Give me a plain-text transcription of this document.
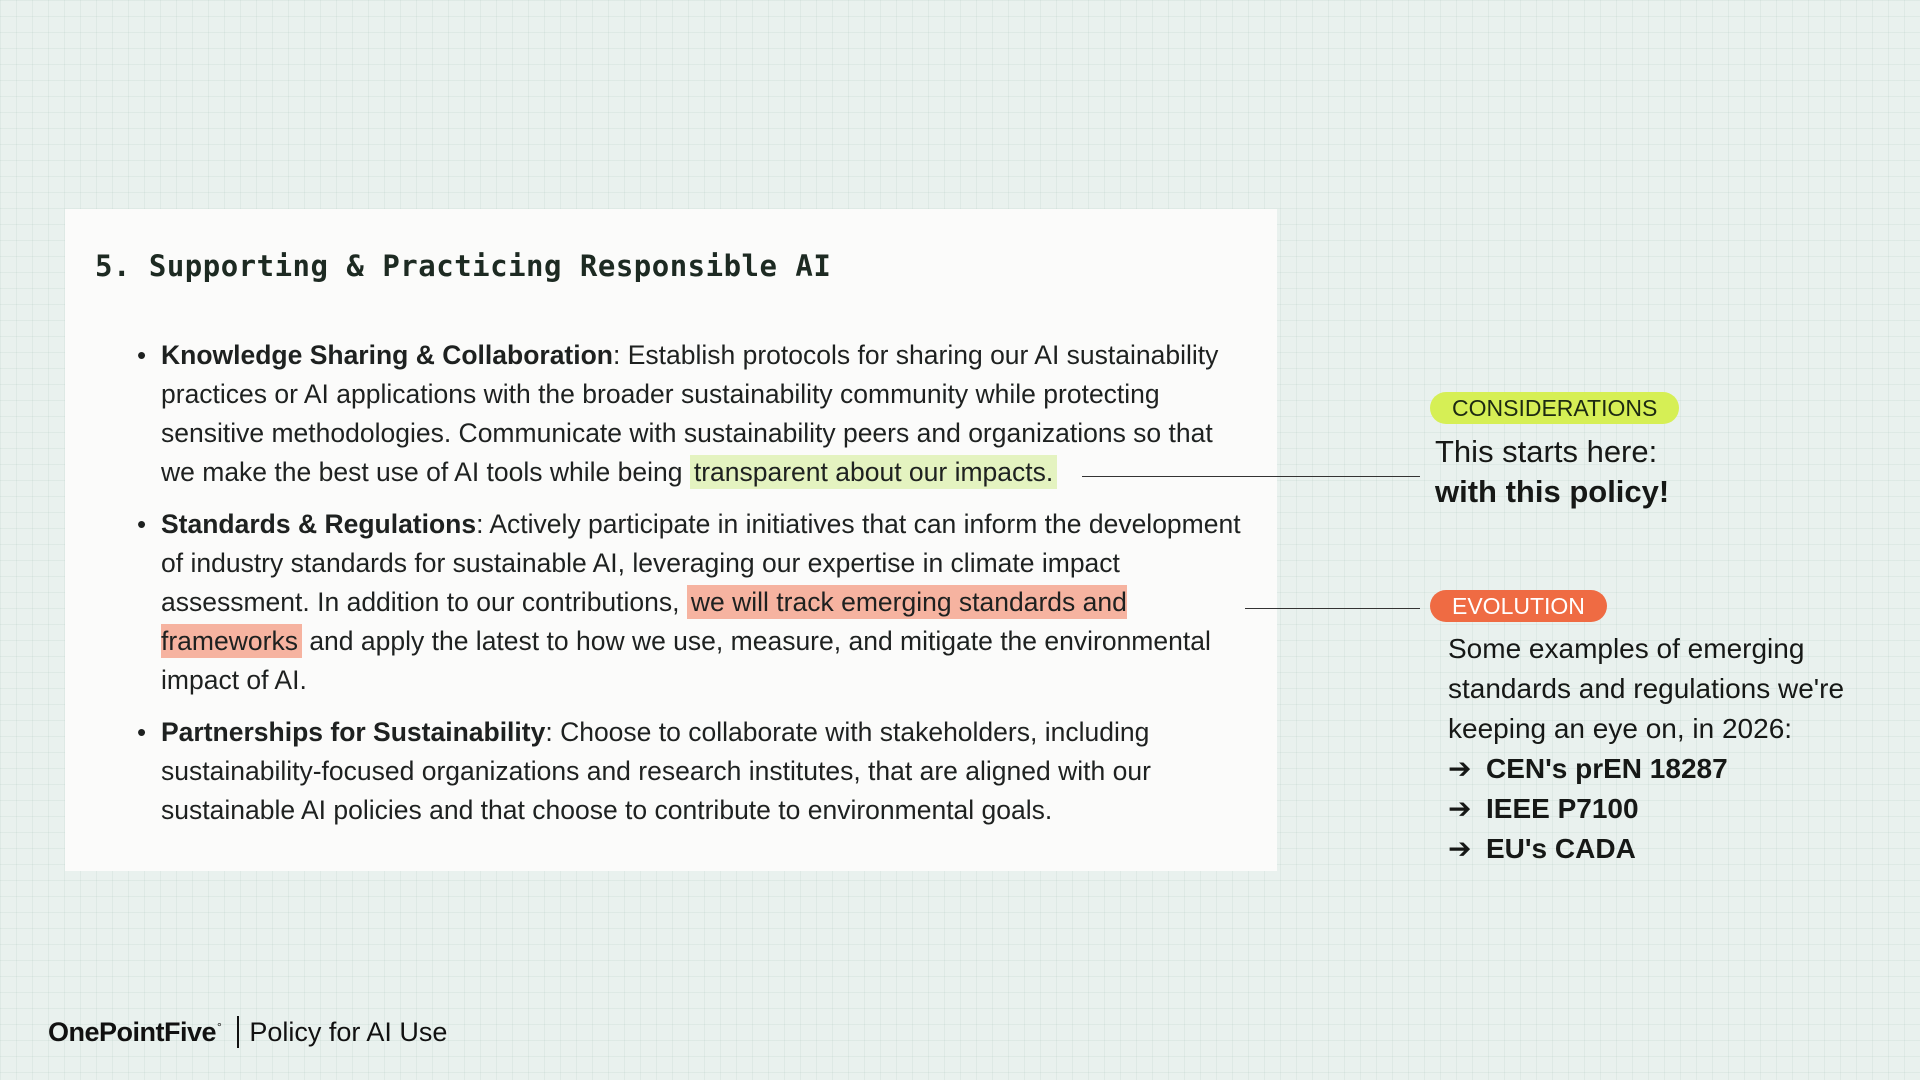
5. Supporting & Practicing Responsible AI
• Knowledge Sharing & Collaboration: Establish protocols for sharing our AI sustainability practices or AI applications with the broader sustainability community while protecting sensitive methodologies. Communicate with sustainability peers and organizations so that we make the best use of AI tools while being transparent about our impacts.
• Standards & Regulations: Actively participate in initiatives that can inform the development of industry standards for sustainable AI, leveraging our expertise in climate impact assessment. In addition to our contributions, we will track emerging standards and frameworks and apply the latest to how we use, measure, and mitigate the environmental impact of AI.
• Partnerships for Sustainability: Choose to collaborate with stakeholders, including sustainability-focused organizations and research institutes, that are aligned with our sustainable AI policies and that choose to contribute to environmental goals.
CONSIDERATIONS
This starts here:
with this policy!
EVOLUTION
Some examples of emerging
standards and regulations we're
keeping an eye on, in 2026:
➔ CEN's prEN 18287
➔ IEEE P7100
➔ EU's CADA
OnePointFive° Policy for AI Use
